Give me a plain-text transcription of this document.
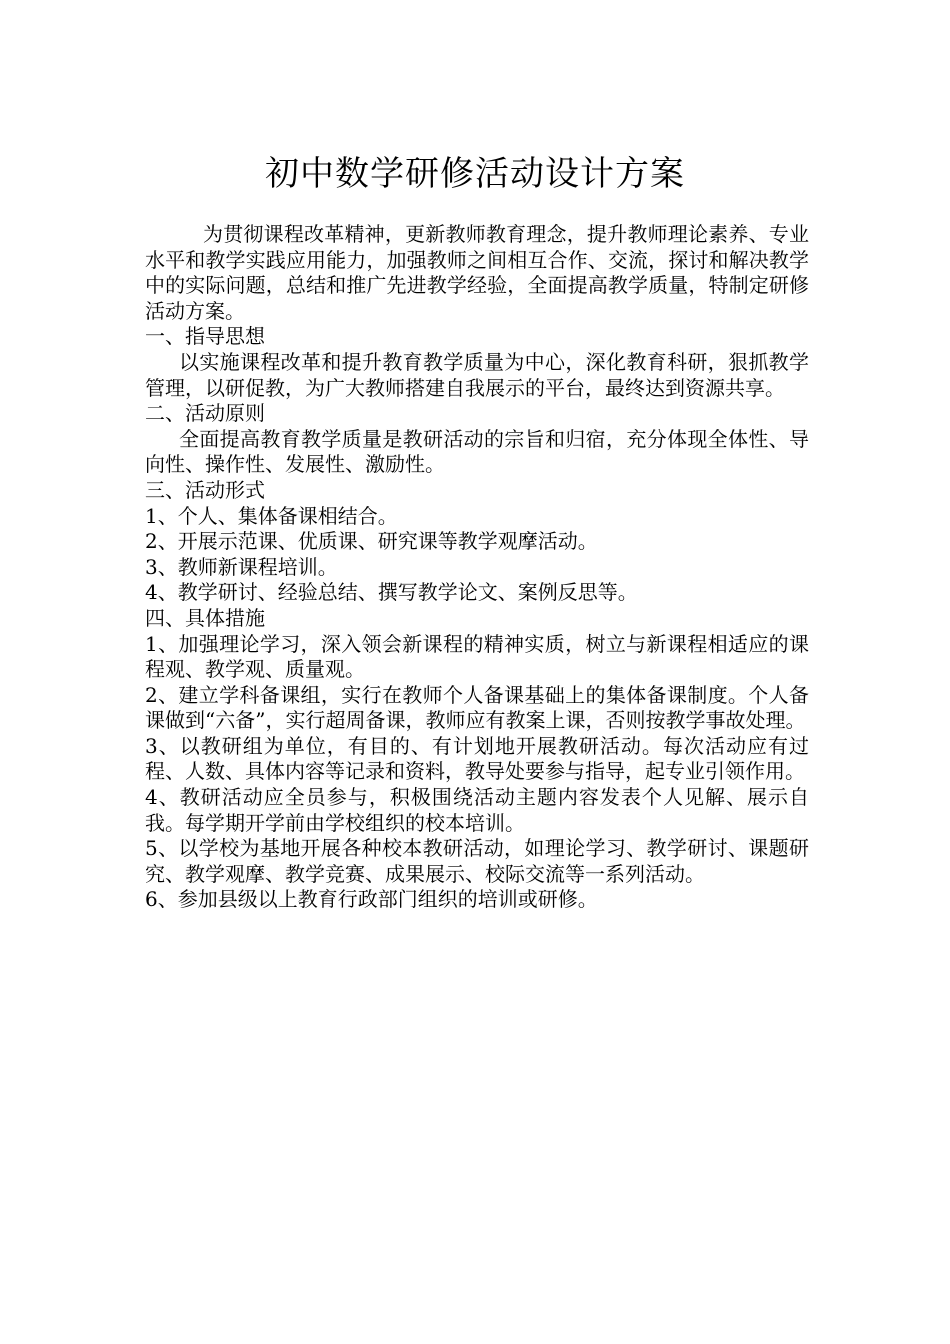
初中数学研修活动设计方案

为贯彻课程改革精神，更新教师教育理念，提升教师理论素养、专业水平和教学实践应用能力，加强教师之间相互合作、交流，探讨和解决教学中的实际问题，总结和推广先进教学经验，全面提高教学质量，特制定研修活动方案。

一、指导思想

以实施课程改革和提升教育教学质量为中心，深化教育科研，狠抓教学管理，以研促教，为广大教师搭建自我展示的平台，最终达到资源共享。

二、活动原则

全面提高教育教学质量是教研活动的宗旨和归宿，充分体现全体性、导向性、操作性、发展性、激励性。

三、活动形式

1、个人、集体备课相结合。

2、开展示范课、优质课、研究课等教学观摩活动。

3、教师新课程培训。

4、教学研讨、经验总结、撰写教学论文、案例反思等。

四、具体措施

1、加强理论学习，深入领会新课程的精神实质，树立与新课程相适应的课程观、教学观、质量观。

2、建立学科备课组，实行在教师个人备课基础上的集体备课制度。个人备课做到“六备”，实行超周备课，教师应有教案上课，否则按教学事故处理。

3、以教研组为单位，有目的、有计划地开展教研活动。每次活动应有过程、人数、具体内容等记录和资料，教导处要参与指导，起专业引领作用。

4、教研活动应全员参与，积极围绕活动主题内容发表个人见解、展示自我。每学期开学前由学校组织的校本培训。

5、以学校为基地开展各种校本教研活动，如理论学习、教学研讨、课题研究、教学观摩、教学竞赛、成果展示、校际交流等一系列活动。

6、参加县级以上教育行政部门组织的培训或研修。
